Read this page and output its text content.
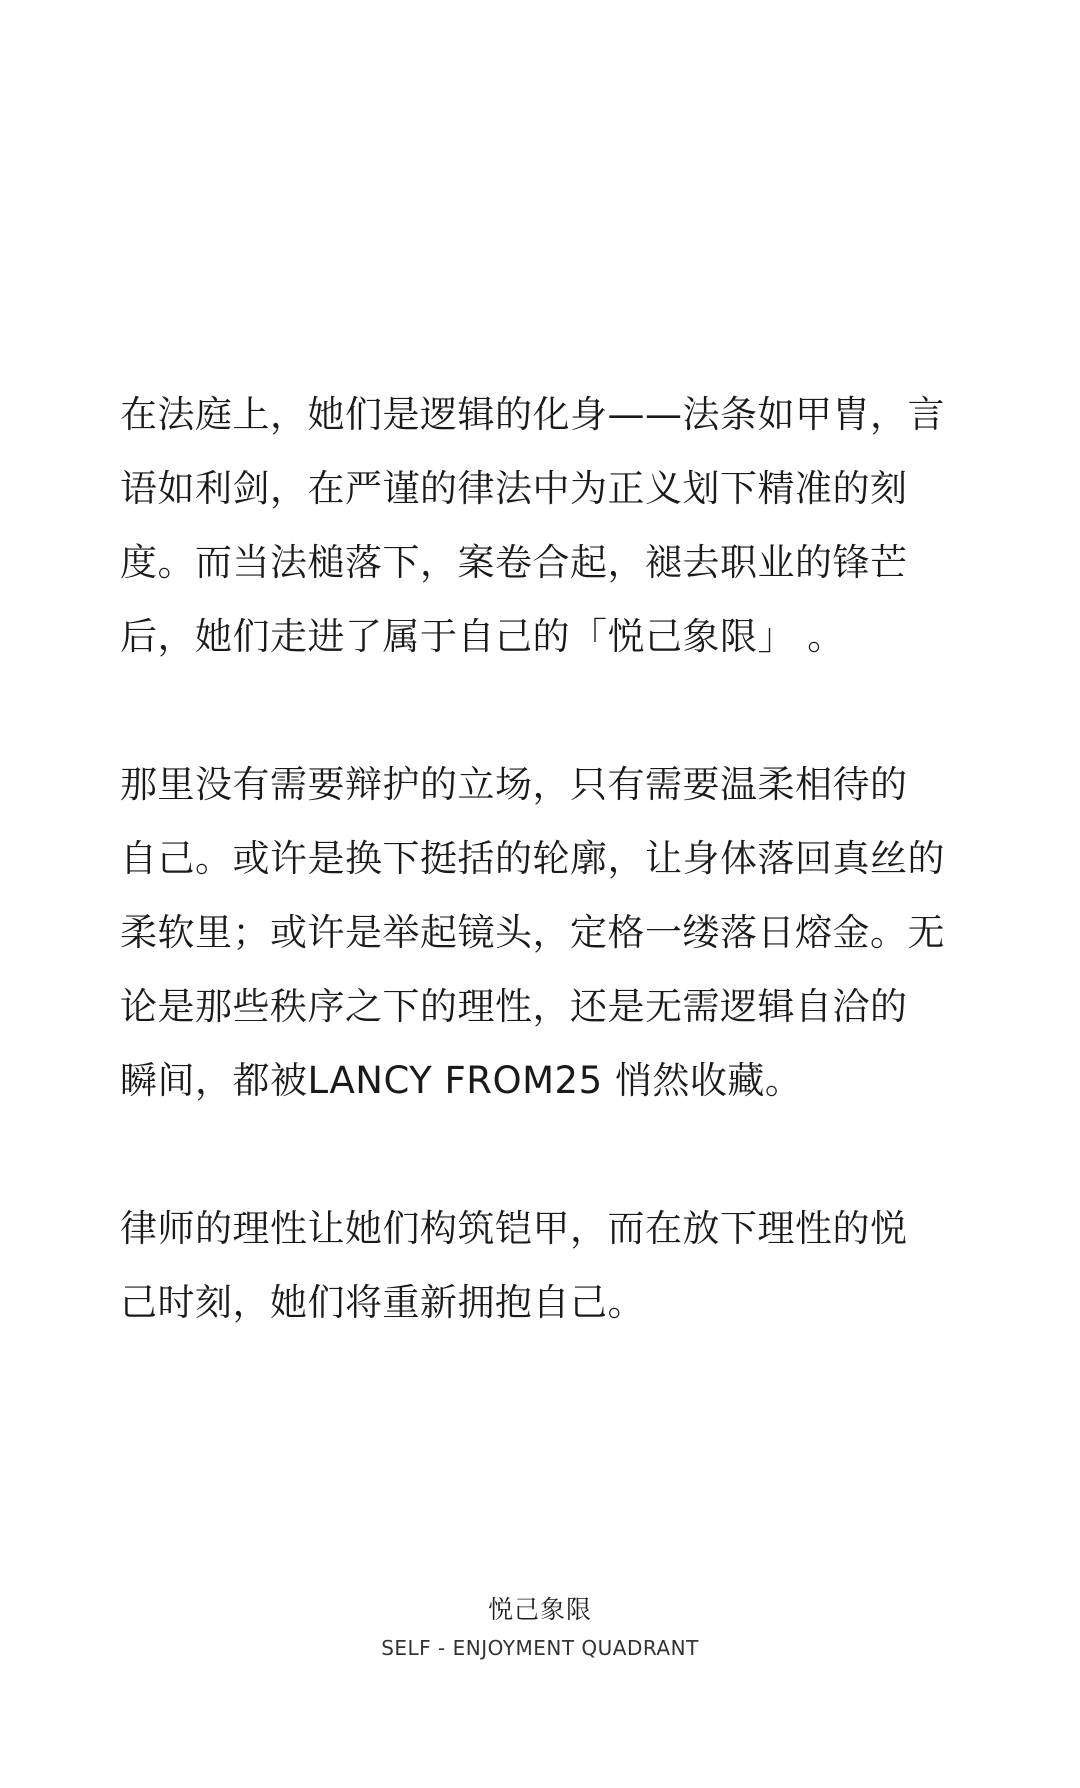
在法庭上，她们是逻辑的化身——法条如甲胄，言
语如利剑，在严谨的律法中为正义划下精准的刻
度。而当法槌落下，案卷合起，褪去职业的锋芒
后，她们走进了属于自己的「悦己象限」 。

那里没有需要辩护的立场，只有需要温柔相待的
自己。或许是换下挺括的轮廓，让身体落回真丝的
柔软里；或许是举起镜头，定格一缕落日熔金。无
论是那些秩序之下的理性，还是无需逻辑自洽的
瞬间，都被LANCY FROM25 悄然收藏。

律师的理性让她们构筑铠甲，而在放下理性的悦
己时刻，她们将重新拥抱自己。

悦己象限
SELF - ENJOYMENT QUADRANT
